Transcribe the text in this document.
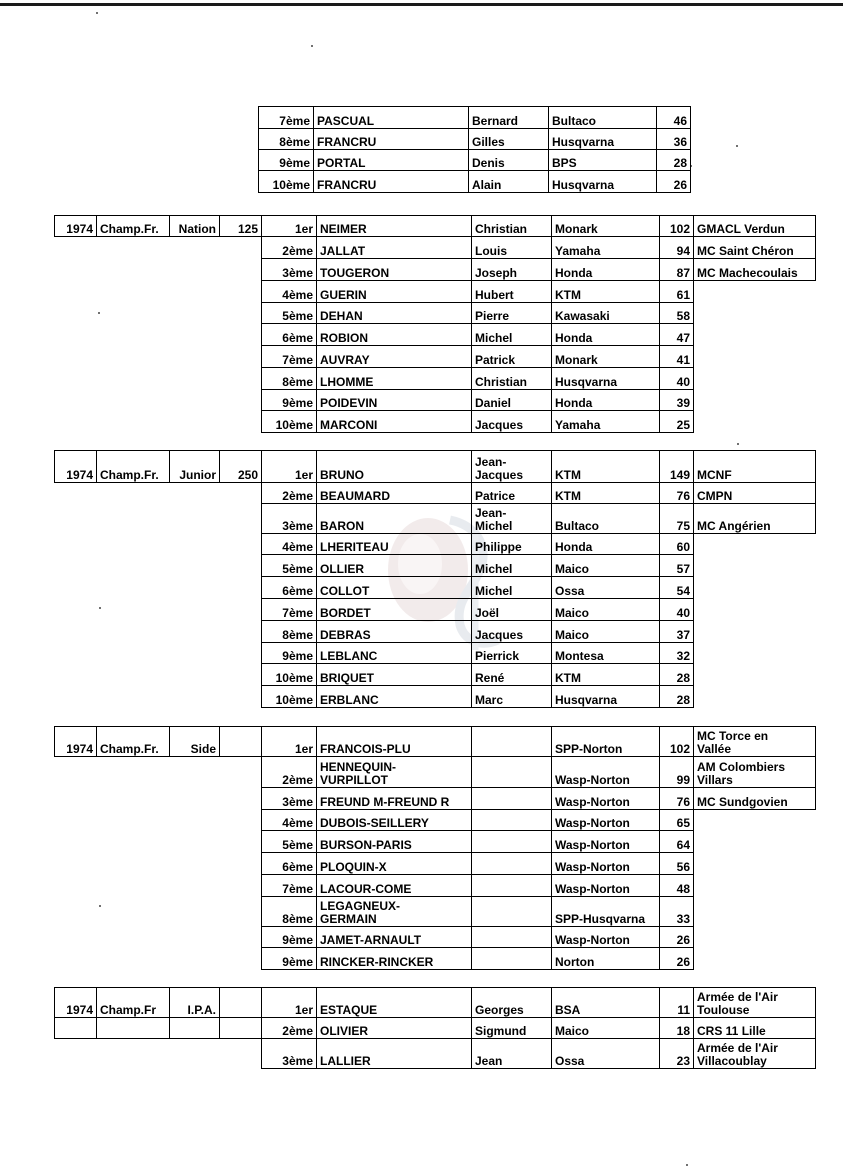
7ème	PASCUAL	Bernard	Bultaco	46
8ème	FRANCRU	Gilles	Husqvarna	36
9ème	PORTAL	Denis	BPS	28
10ème	FRANCRU	Alain	Husqvarna	26
1974	Champ.Fr.	Nation	125	1er	NEIMER	Christian	Monark	102	GMACL Verdun
				2ème	JALLAT	Louis	Yamaha	94	MC Saint Chéron
				3ème	TOUGERON	Joseph	Honda	87	MC Machecoulais
				4ème	GUERIN	Hubert	KTM	61	
				5ème	DEHAN	Pierre	Kawasaki	58	
				6ème	ROBION	Michel	Honda	47	
				7ème	AUVRAY	Patrick	Monark	41	
				8ème	LHOMME	Christian	Husqvarna	40	
				9ème	POIDEVIN	Daniel	Honda	39	
				10ème	MARCONI	Jacques	Yamaha	25	
1974	Champ.Fr.	Junior	250	1er	BRUNO	Jean-
Jacques	KTM	149	MCNF
				2ème	BEAUMARD	Patrice	KTM	76	CMPN
				3ème	BARON	Jean-
Michel	Bultaco	75	MC Angérien
				4ème	LHERITEAU	Philippe	Honda	60	
				5ème	OLLIER	Michel	Maico	57	
				6ème	COLLOT	Michel	Ossa	54	
				7ème	BORDET	Joël	Maico	40	
				8ème	DEBRAS	Jacques	Maico	37	
				9ème	LEBLANC	Pierrick	Montesa	32	
				10ème	BRIQUET	René	KTM	28	
				10ème	ERBLANC	Marc	Husqvarna	28	
1974	Champ.Fr.	Side		1er	FRANCOIS-PLU		SPP-Norton	102	MC Torce en
Vallée
				2ème	HENNEQUIN-
VURPILLOT		Wasp-Norton	99	AM Colombiers
Villars
				3ème	FREUND M-FREUND R		Wasp-Norton	76	MC Sundgovien
				4ème	DUBOIS-SEILLERY		Wasp-Norton	65	
				5ème	BURSON-PARIS		Wasp-Norton	64	
				6ème	PLOQUIN-X		Wasp-Norton	56	
				7ème	LACOUR-COME		Wasp-Norton	48	
				8ème	LEGAGNEUX-
GERMAIN		SPP-Husqvarna	33	
				9ème	JAMET-ARNAULT		Wasp-Norton	26	
				9ème	RINCKER-RINCKER		Norton	26	
1974	Champ.Fr	I.P.A.		1er	ESTAQUE	Georges	BSA	11	Armée de l'Air
Toulouse
				2ème	OLIVIER	Sigmund	Maico	18	CRS 11 Lille
				3ème	LALLIER	Jean	Ossa	23	Armée de l'Air
Villacoublay
